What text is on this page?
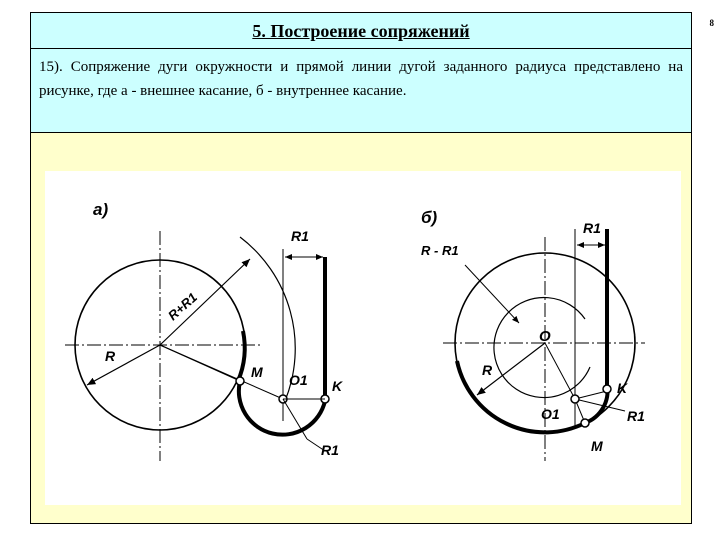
8
5. Построение сопряжений
15). Сопряжение дуги окружности и прямой линии дугой заданного радиуса представлено на рисунке, где а - внешнее касание, б - внутреннее касание.
а)
R
R+R1
R1
M O1 K
R1
б)
R - R1
R
O
R1
K
O1	R1
M
